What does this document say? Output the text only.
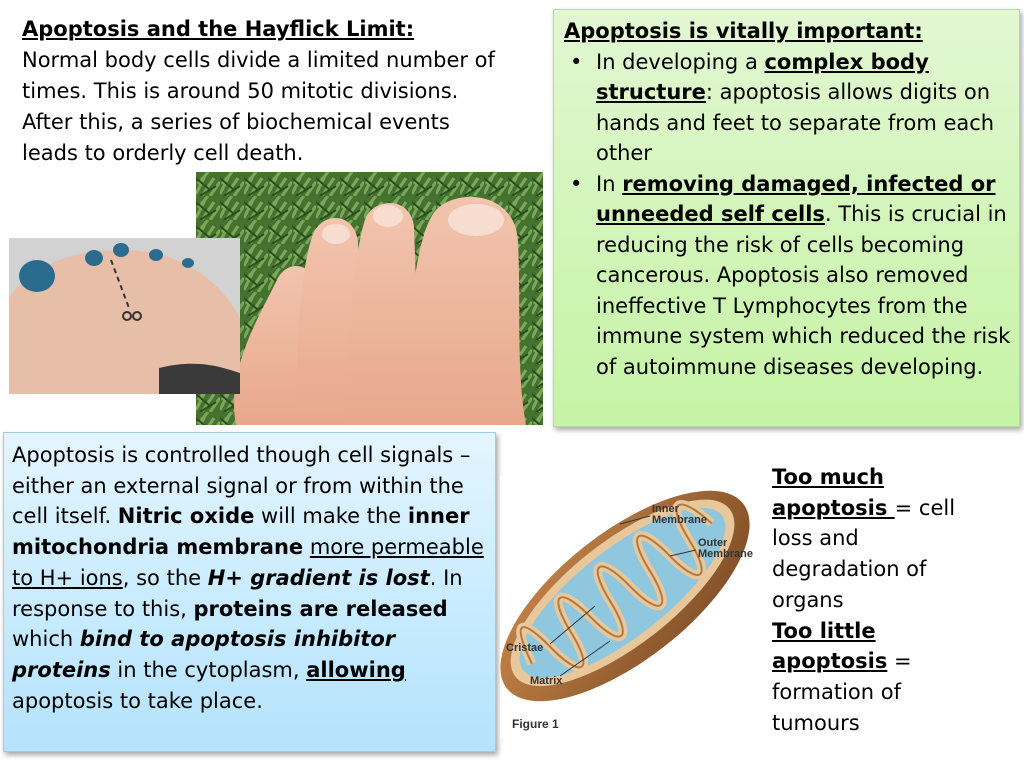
Apoptosis and the Hayflick Limit:
Normal body cells divide a limited number of times. This is around 50 mitotic divisions. After this, a series of biochemical events leads to orderly cell death.
Apoptosis is vitally important:
• In developing a complex body structure: apoptosis allows digits on hands and feet to separate from each other
• In removing damaged, infected or unneeded self cells. This is crucial in reducing the risk of cells becoming cancerous. Apoptosis also removed ineffective T Lymphocytes from the immune system which reduced the risk of autoimmune diseases developing.
Apoptosis is controlled though cell signals – either an external signal or from within the cell itself. Nitric oxide will make the inner mitochondria membrane more permeable to H+ ions, so the H+ gradient is lost. In response to this, proteins are released which bind to apoptosis inhibitor proteins in the cytoplasm, allowing apoptosis to take place.
Inner Membrane
Outer Membrane
Cristae
Matrix
Figure 1
Too much apoptosis = cell loss and degradation of organs
Too little apoptosis = formation of tumours
